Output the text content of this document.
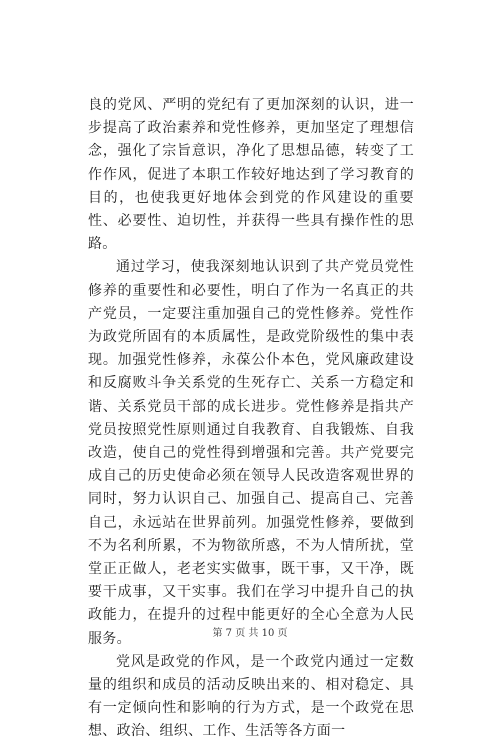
良的党风、严明的党纪有了更加深刻的认识，进一步提高了政治素养和党性修养，更加坚定了理想信念，强化了宗旨意识，净化了思想品德，转变了工作作风，促进了本职工作较好地达到了学习教育的目的，也使我更好地体会到党的作风建设的重要性、必要性、迫切性，并获得一些具有操作性的思路。

通过学习，使我深刻地认识到了共产党员党性修养的重要性和必要性，明白了作为一名真正的共产党员，一定要注重加强自己的党性修养。党性作为政党所固有的本质属性，是政党阶级性的集中表现。加强党性修养，永葆公仆本色，党风廉政建设和反腐败斗争关系党的生死存亡、关系一方稳定和谐、关系党员干部的成长进步。党性修养是指共产党员按照党性原则通过自我教育、自我锻炼、自我改造，使自己的党性得到增强和完善。共产党要完成自己的历史使命必须在领导人民改造客观世界的同时，努力认识自己、加强自己、提高自己、完善自己，永远站在世界前列。加强党性修养，要做到不为名利所累，不为物欲所惑，不为人情所扰，堂堂正正做人，老老实实做事，既干事，又干净，既要干成事，又干实事。我们在学习中提升自己的执政能力，在提升的过程中能更好的全心全意为人民服务。

党风是政党的作风，是一个政党内通过一定数量的组织和成员的活动反映出来的、相对稳定、具有一定倾向性和影响的行为方式，是一个政党在思想、政治、组织、工作、生活等各方面一

第 7 页 共 10 页
